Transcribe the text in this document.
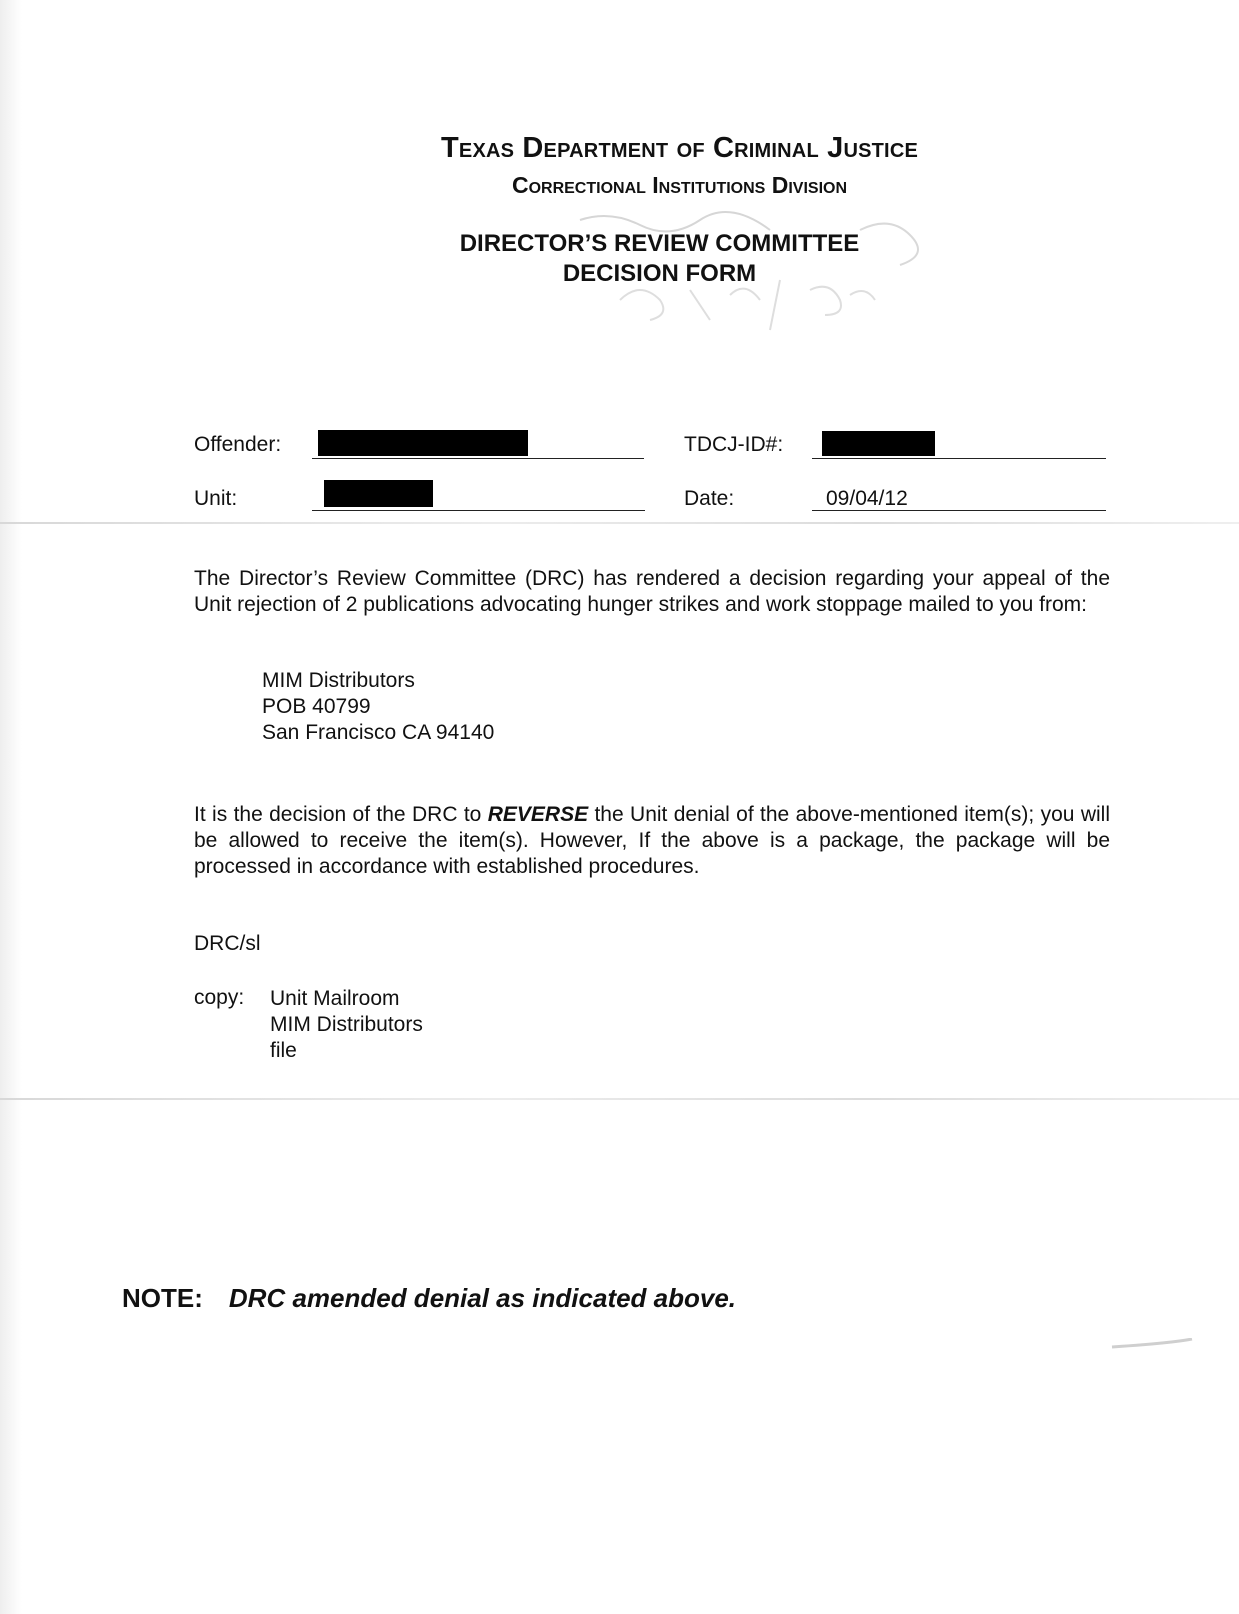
Texas Department of Criminal Justice
Correctional Institutions Division
DIRECTOR’S REVIEW COMMITTEE
DECISION FORM
Offender:	TDCJ-ID#:
Unit:	Date:	09/04/12
The Director’s Review Committee (DRC) has rendered a decision regarding your appeal of the Unit rejection of 2 publications advocating hunger strikes and work stoppage mailed to you from:
MIM Distributors
POB 40799
San Francisco CA 94140
It is the decision of the DRC to REVERSE the Unit denial of the above-mentioned item(s); you will be allowed to receive the item(s). However, If the above is a package, the package will be processed in accordance with established procedures.
DRC/sl
copy: Unit Mailroom
MIM Distributors
file
NOTE: DRC amended denial as indicated above.
